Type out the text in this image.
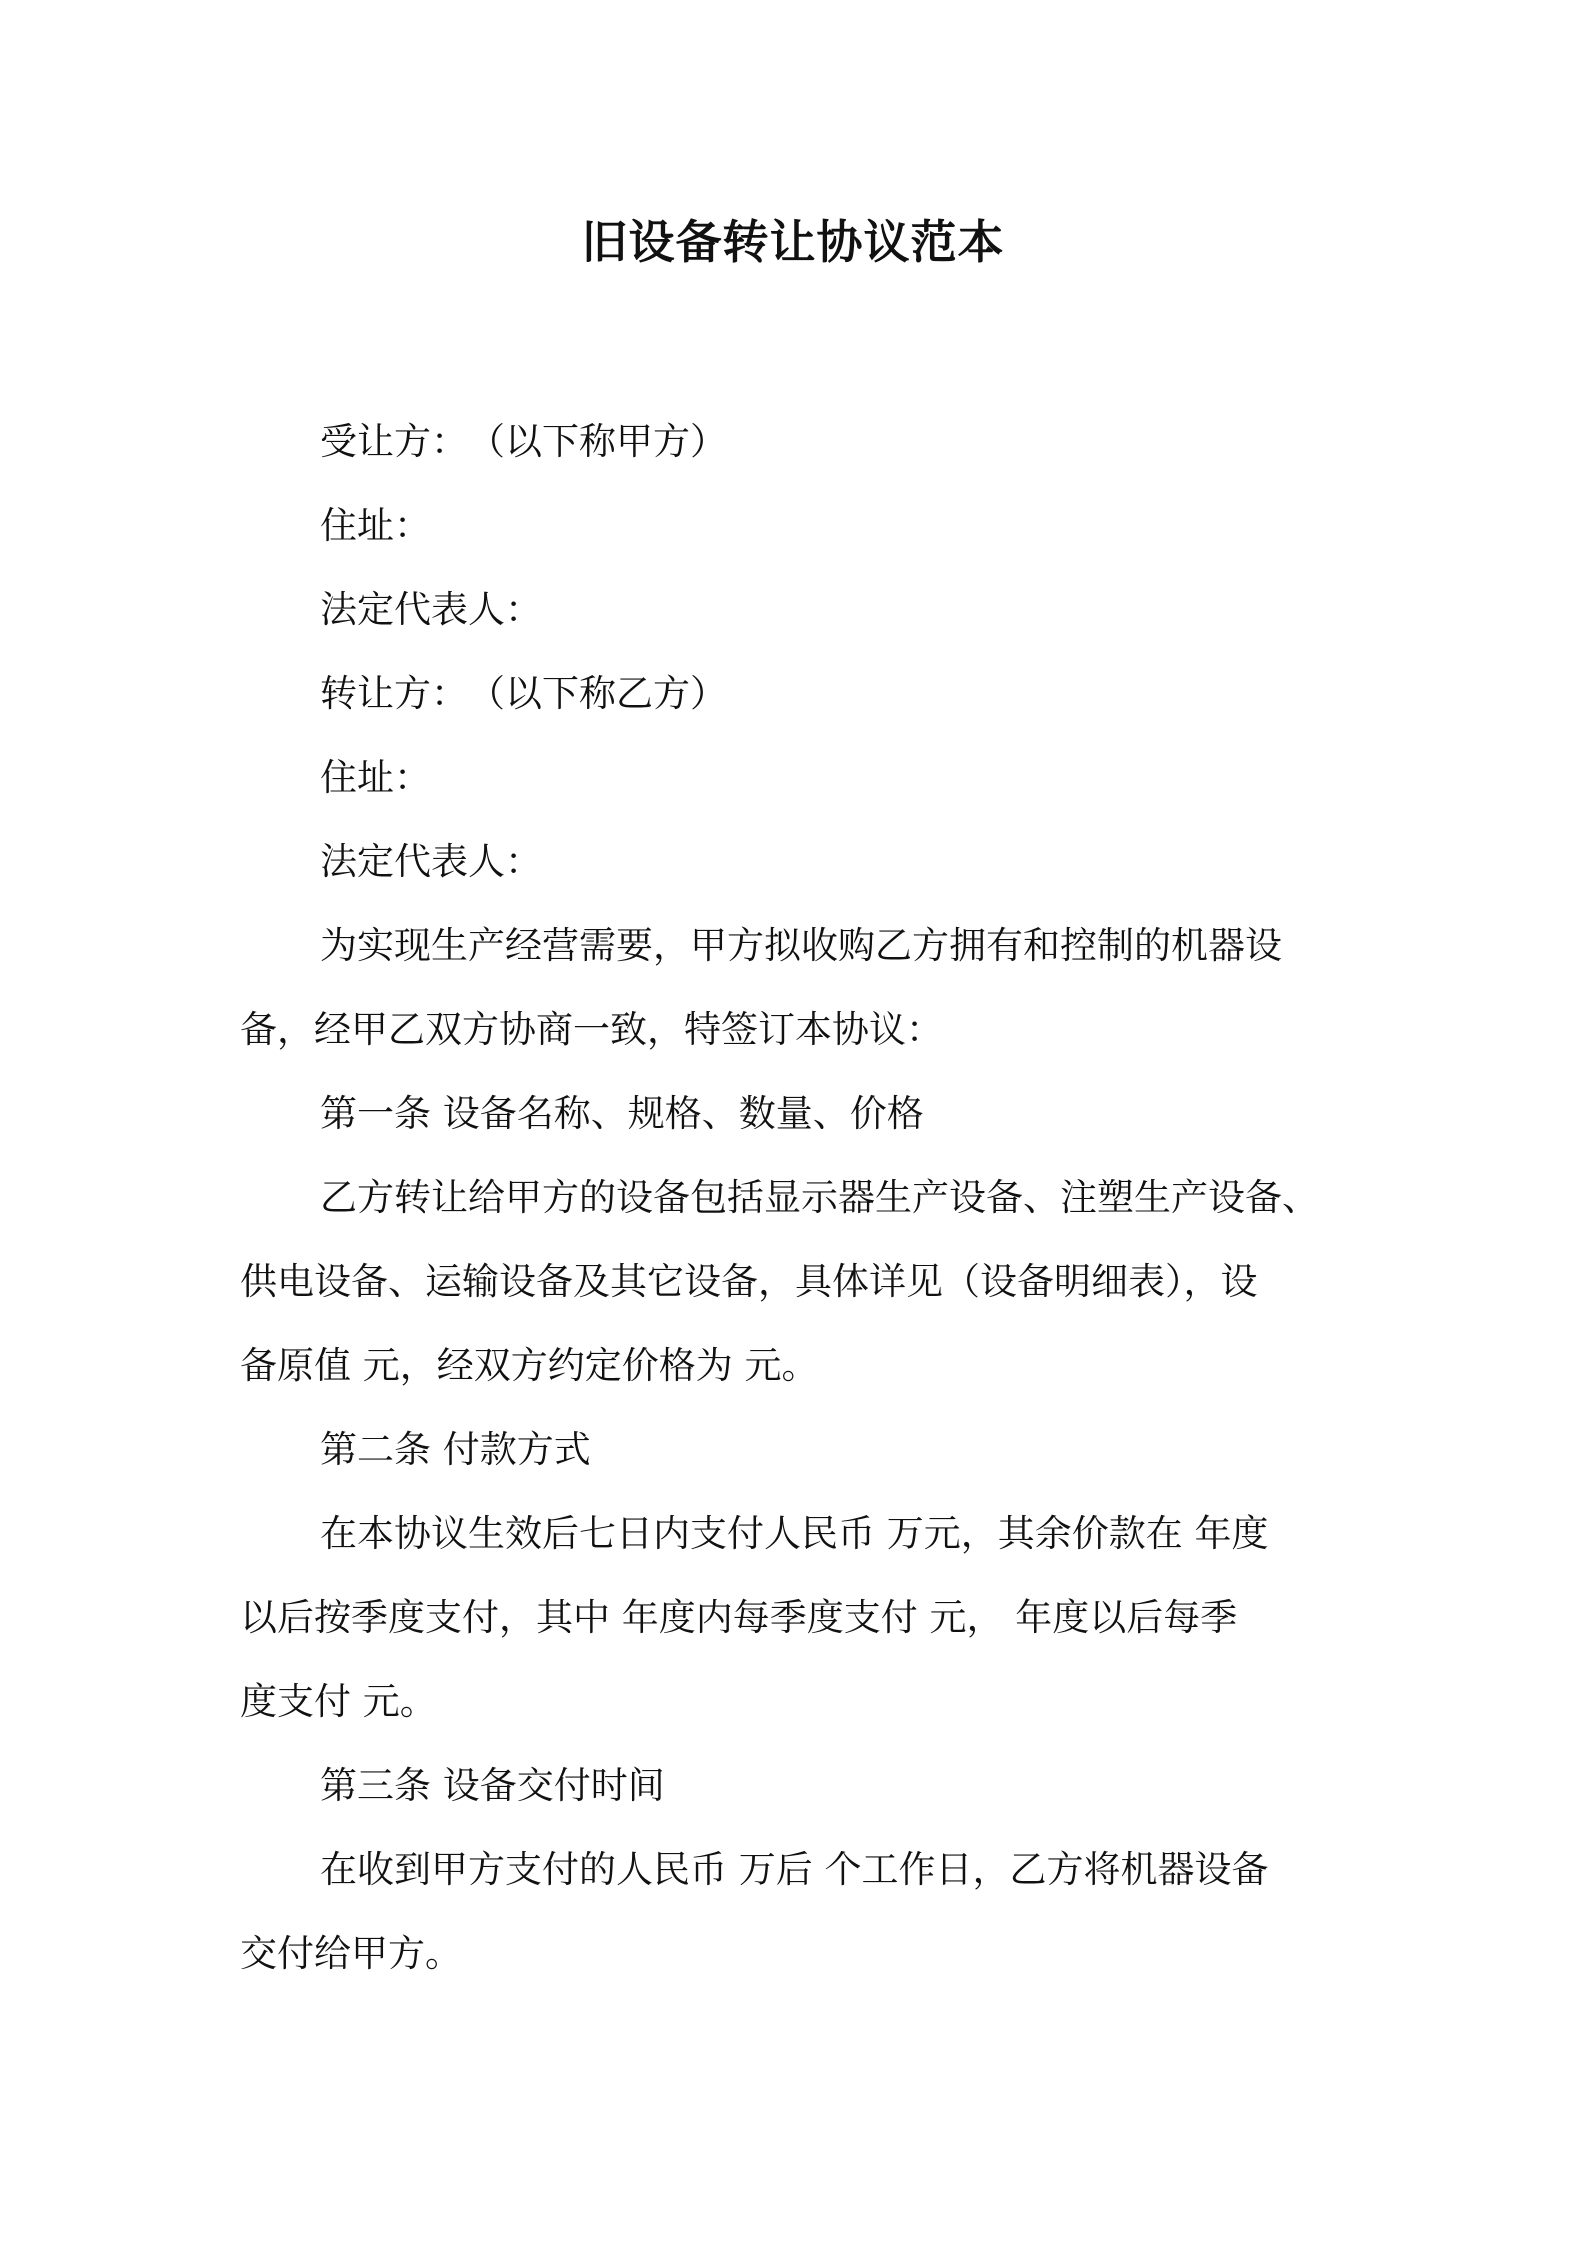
旧设备转让协议范本
受让方：　（以下称甲方）
住址：
法定代表人：
转让方：　（以下称乙方）
住址：
法定代表人：
为实现生产经营需要，甲方拟收购乙方拥有和控制的机器设
备，经甲乙双方协商一致，特签订本协议：
第一条 设备名称、规格、数量、价格
乙方转让给甲方的设备包括显示器生产设备、注塑生产设备、
供电设备、运输设备及其它设备，具体详见（设备明细表），设
备原值 元，经双方约定价格为 元。
第二条 付款方式
在本协议生效后七日内支付人民币 万元，其余价款在 年度
以后按季度支付，其中 年度内每季度支付 元， 年度以后每季
度支付 元。
第三条 设备交付时间
在收到甲方支付的人民币 万后 个工作日，乙方将机器设备
交付给甲方。
